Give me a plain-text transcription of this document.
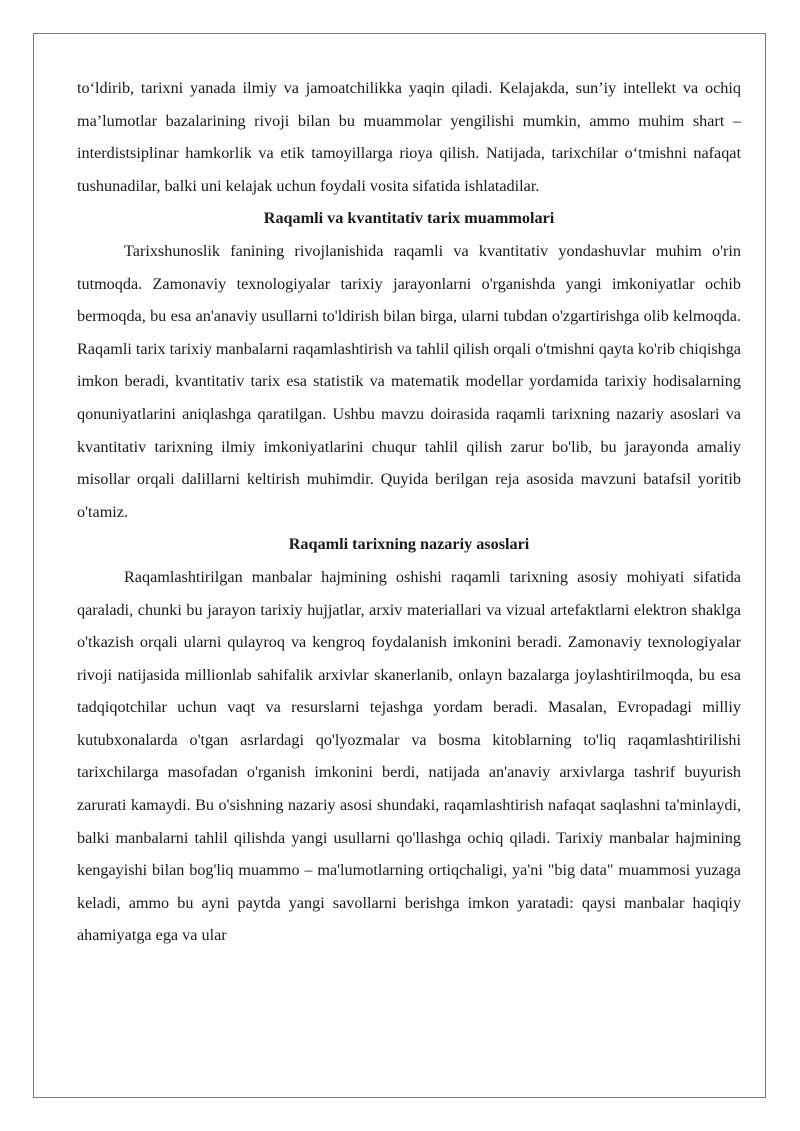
to‘ldirib, tarixni yanada ilmiy va jamoatchilikka yaqin qiladi. Kelajakda, sun’iy intellekt va ochiq ma’lumotlar bazalarining rivoji bilan bu muammolar yengilishi mumkin, ammo muhim shart – interdistsiplinar hamkorlik va etik tamoyillarga rioya qilish. Natijada, tarixchilar o‘tmishni nafaqat tushunadilar, balki uni kelajak uchun foydali vosita sifatida ishlatadilar.

Raqamli va kvantitativ tarix muammolari

Tarixshunoslik fanining rivojlanishida raqamli va kvantitativ yondashuvlar muhim o'rin tutmoqda. Zamonaviy texnologiyalar tarixiy jarayonlarni o'rganishda yangi imkoniyatlar ochib bermoqda, bu esa an'anaviy usullarni to'ldirish bilan birga, ularni tubdan o'zgartirishga olib kelmoqda. Raqamli tarix tarixiy manbalarni raqamlashtirish va tahlil qilish orqali o'tmishni qayta ko'rib chiqishga imkon beradi, kvantitativ tarix esa statistik va matematik modellar yordamida tarixiy hodisalarning qonuniyatlarini aniqlashga qaratilgan. Ushbu mavzu doirasida raqamli tarixning nazariy asoslari va kvantitativ tarixning ilmiy imkoniyatlarini chuqur tahlil qilish zarur bo'lib, bu jarayonda amaliy misollar orqali dalillarni keltirish muhimdir. Quyida berilgan reja asosida mavzuni batafsil yoritib o'tamiz.

Raqamli tarixning nazariy asoslari

Raqamlashtirilgan manbalar hajmining oshishi raqamli tarixning asosiy mohiyati sifatida qaraladi, chunki bu jarayon tarixiy hujjatlar, arxiv materiallari va vizual artefaktlarni elektron shaklga o'tkazish orqali ularni qulayroq va kengroq foydalanish imkonini beradi. Zamonaviy texnologiyalar rivoji natijasida millionlab sahifalik arxivlar skanerlanib, onlayn bazalarga joylashtirilmoqda, bu esa tadqiqotchilar uchun vaqt va resurslarni tejashga yordam beradi. Masalan, Evropadagi milliy kutubxonalarda o'tgan asrlardagi qo'lyozmalar va bosma kitoblarning to'liq raqamlashtirilishi tarixchilarga masofadan o'rganish imkonini berdi, natijada an'anaviy arxivlarga tashrif buyurish zarurati kamaydi. Bu o'sishning nazariy asosi shundaki, raqamlashtirish nafaqat saqlashni ta'minlaydi, balki manbalarni tahlil qilishda yangi usullarni qo'llashga ochiq qiladi. Tarixiy manbalar hajmining kengayishi bilan bog'liq muammo – ma'lumotlarning ortiqchaligi, ya'ni "big data" muammosi yuzaga keladi, ammo bu ayni paytda yangi savollarni berishga imkon yaratadi: qaysi manbalar haqiqiy ahamiyatga ega va ular
